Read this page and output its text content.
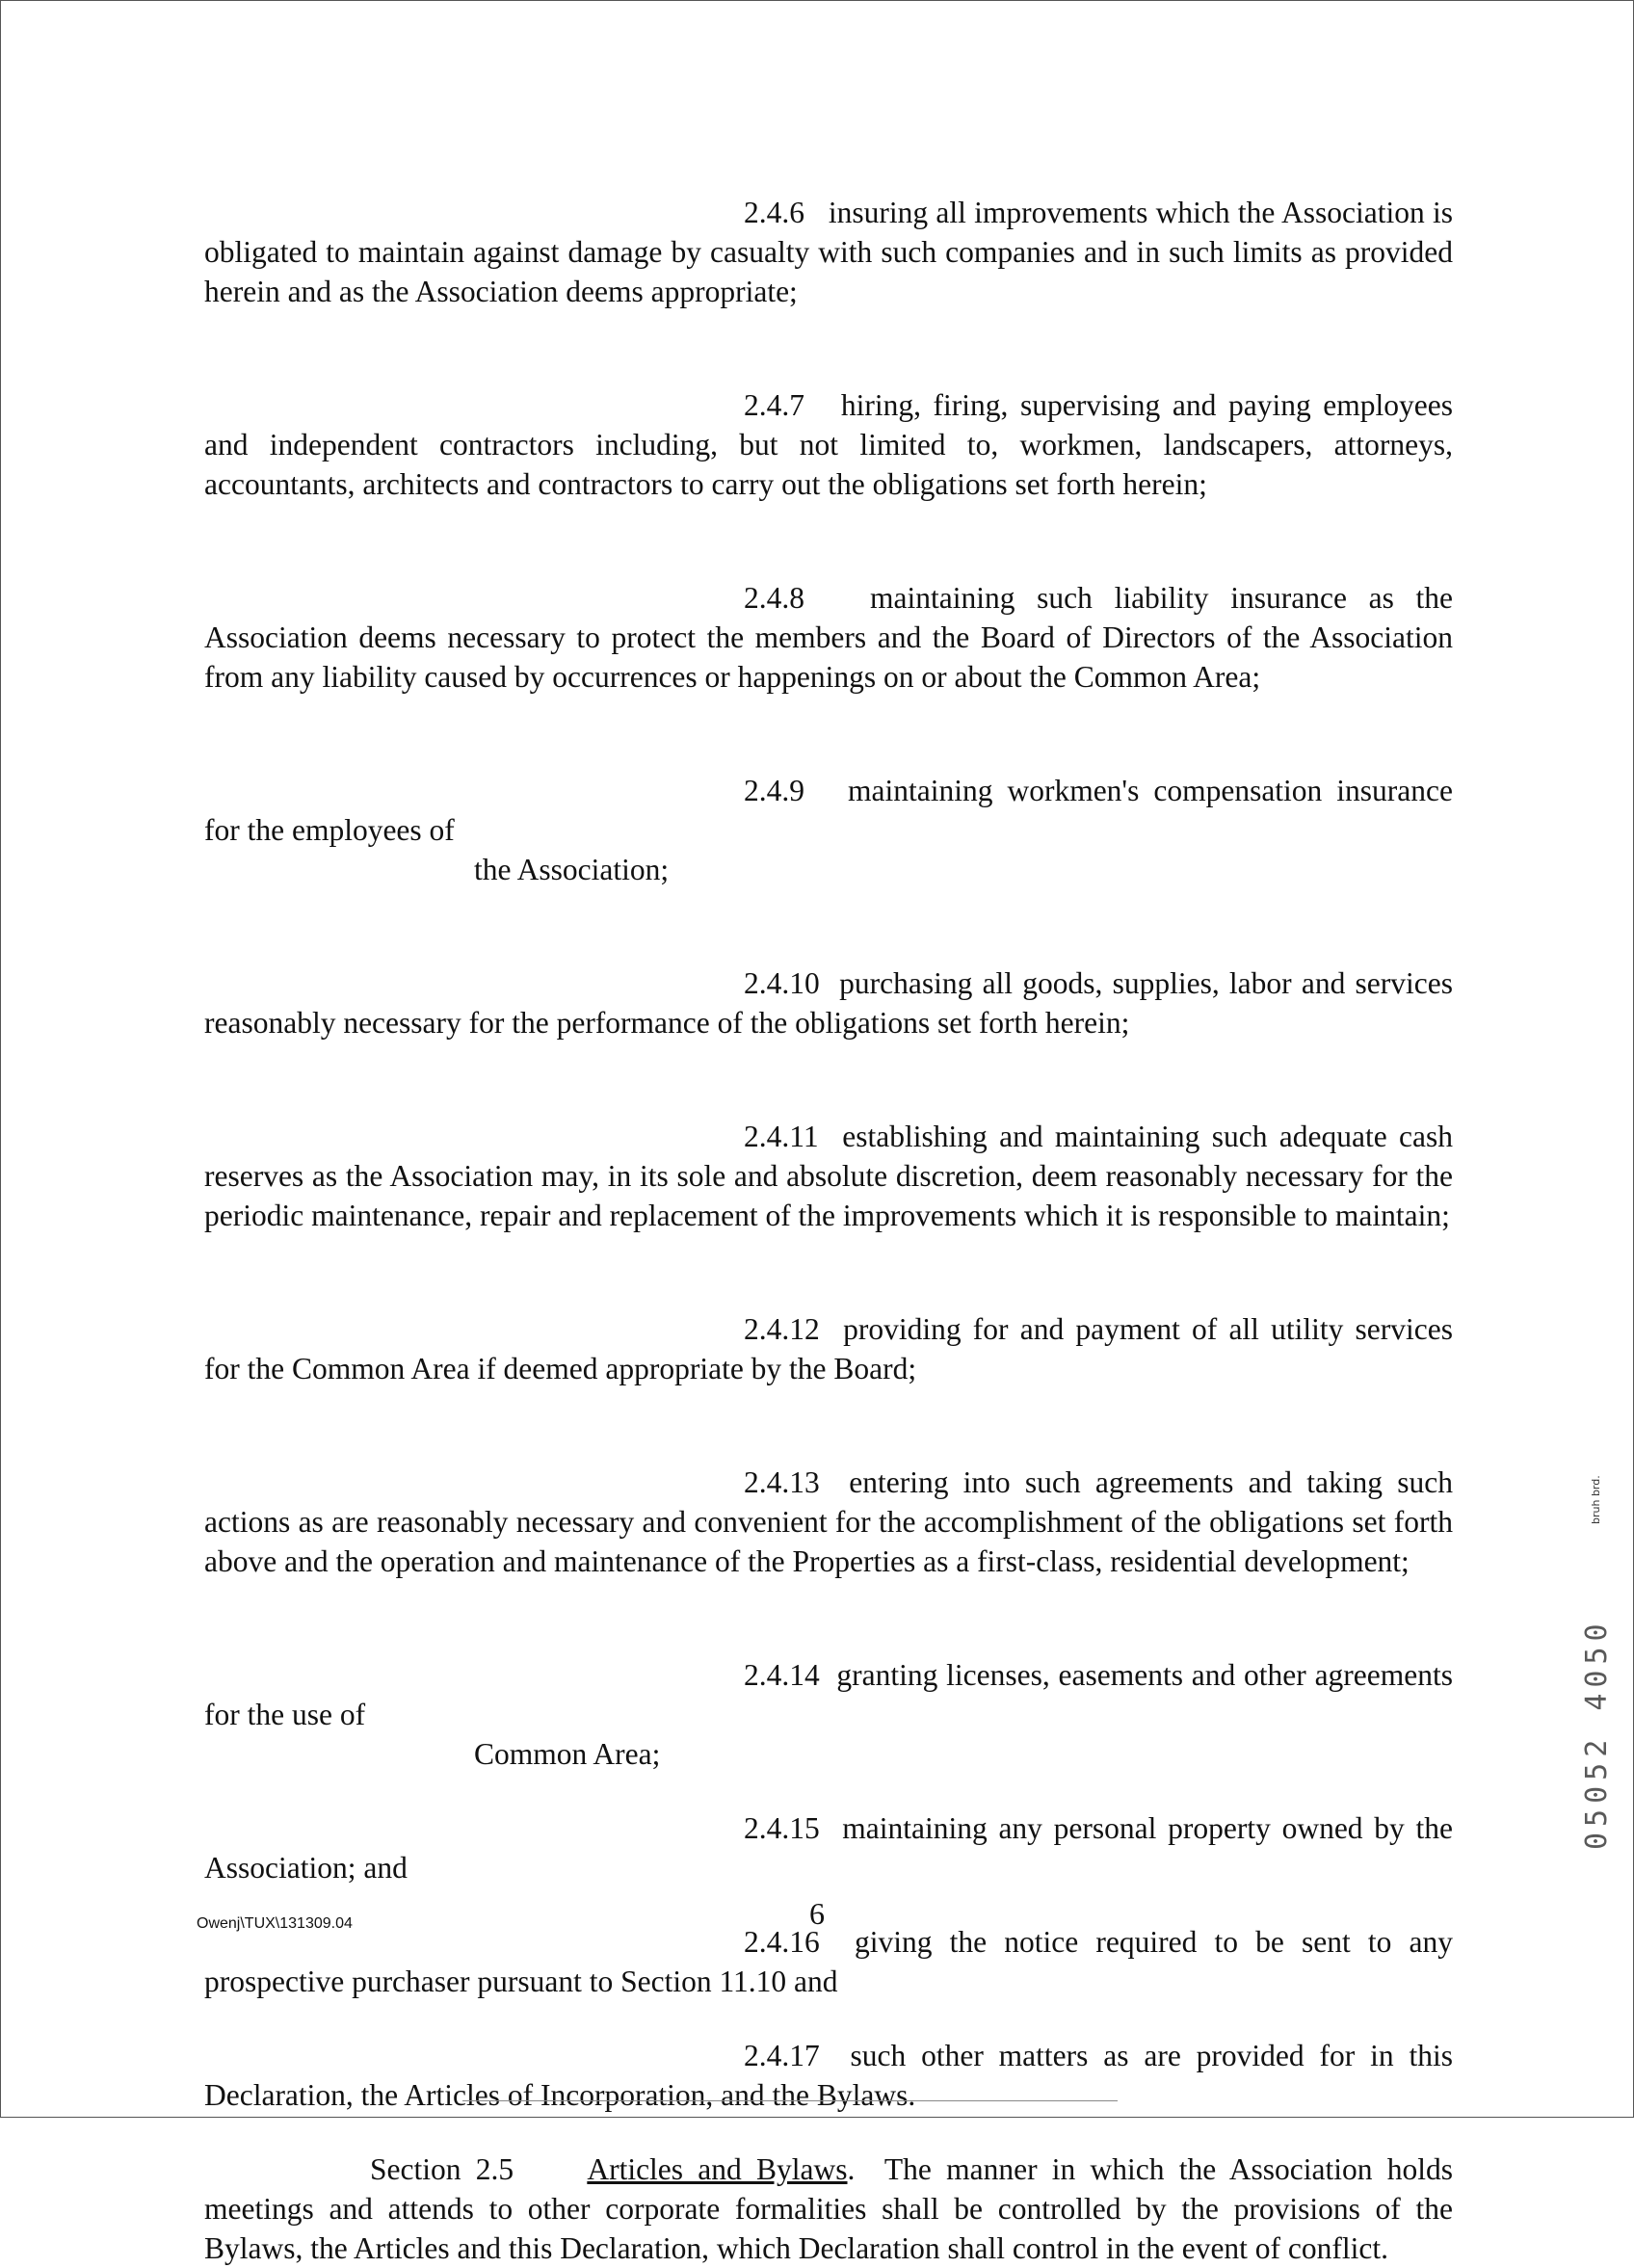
2.4.6 insuring all improvements which the Association is obligated to maintain against damage by casualty with such companies and in such limits as provided herein and as the Association deems appropriate;

2.4.7 hiring, firing, supervising and paying employees and independent contractors including, but not limited to, workmen, landscapers, attorneys, accountants, architects and contractors to carry out the obligations set forth herein;

2.4.8 maintaining such liability insurance as the Association deems necessary to protect the members and the Board of Directors of the Association from any liability caused by occurrences or happenings on or about the Common Area;

2.4.9 maintaining workmen's compensation insurance for the employees of
the Association;

2.4.10 purchasing all goods, supplies, labor and services reasonably necessary for the performance of the obligations set forth herein;

2.4.11 establishing and maintaining such adequate cash reserves as the Association may, in its sole and absolute discretion, deem reasonably necessary for the periodic maintenance, repair and replacement of the improvements which it is responsible to maintain;

2.4.12 providing for and payment of all utility services for the Common Area if deemed appropriate by the Board;

2.4.13 entering into such agreements and taking such actions as are reasonably necessary and convenient for the accomplishment of the obligations set forth above and the operation and maintenance of the Properties as a first-class, residential development;

2.4.14 granting licenses, easements and other agreements for the use of
Common Area;

2.4.15 maintaining any personal property owned by the Association; and

2.4.16 giving the notice required to be sent to any prospective purchaser pursuant to Section 11.10 and

2.4.17 such other matters as are provided for in this Declaration, the Articles of Incorporation, and the Bylaws.

Section 2.5 Articles and Bylaws. The manner in which the Association holds meetings and attends to other corporate formalities shall be controlled by the provisions of the Bylaws, the Articles and this Declaration, which Declaration shall control in the event of conflict.

Owenj\TUX\131309.04	6
05052 4050
bruh brd.
